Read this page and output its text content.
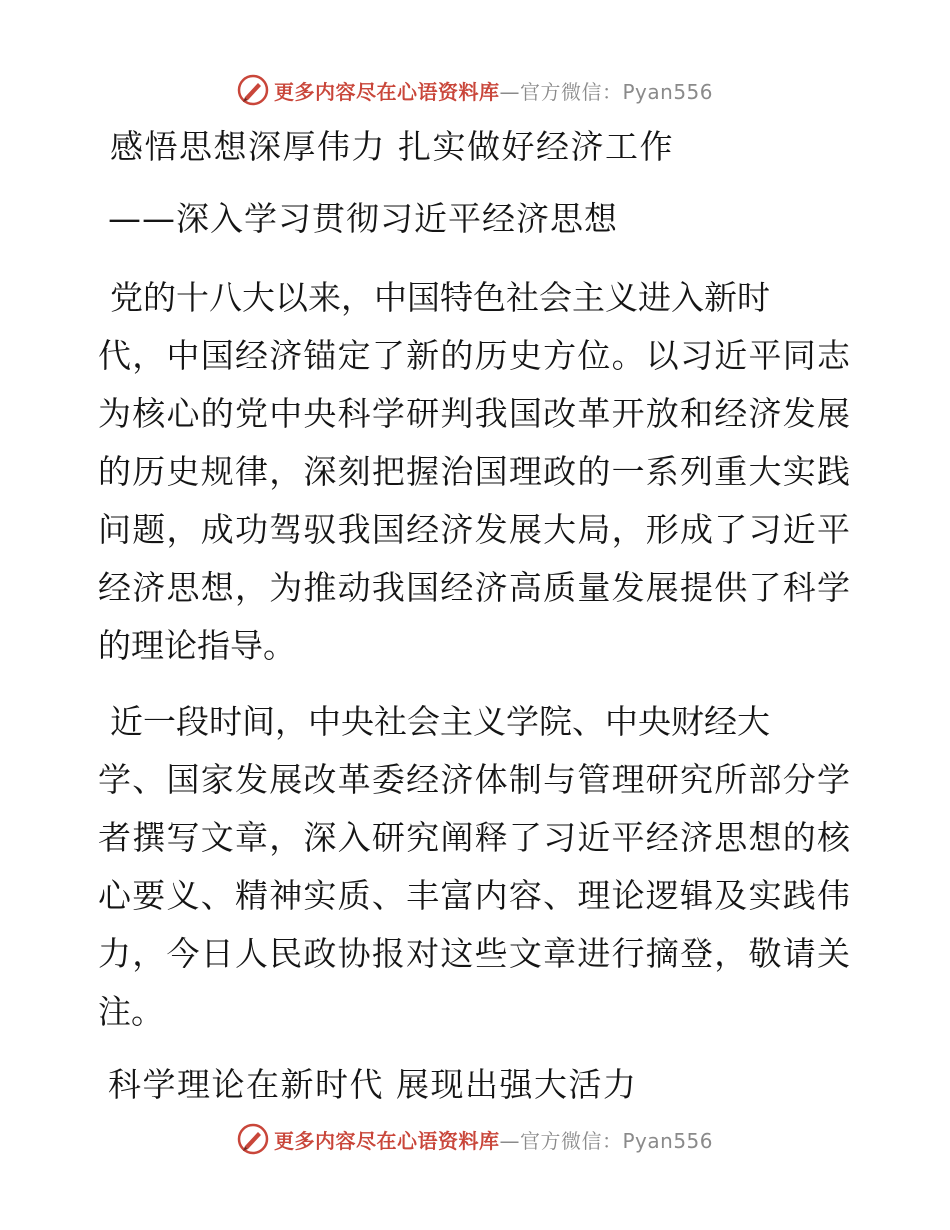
更多内容尽在心语资料库 —官方微信：Pyan556
感悟思想深厚伟力 扎实做好经济工作
——深入学习贯彻习近平经济思想

党的十八大以来，中国特色社会主义进入新时
代，中国经济锚定了新的历史方位。以习近平同志为核心的党中央科学研判我国改革开放和经济发展的历史规律，深刻把握治国理政的一系列重大实践问题，成功驾驭我国经济发展大局，形成了习近平经济思想，为推动我国经济高质量发展提供了科学的理论指导。

近一段时间，中央社会主义学院、中央财经大
学、国家发展改革委经济体制与管理研究所部分学者撰写文章，深入研究阐释了习近平经济思想的核心要义、精神实质、丰富内容、理论逻辑及实践伟力，今日人民政协报对这些文章进行摘登，敬请关注。

科学理论在新时代 展现出强大活力
更多内容尽在心语资料库 —官方微信：Pyan556
